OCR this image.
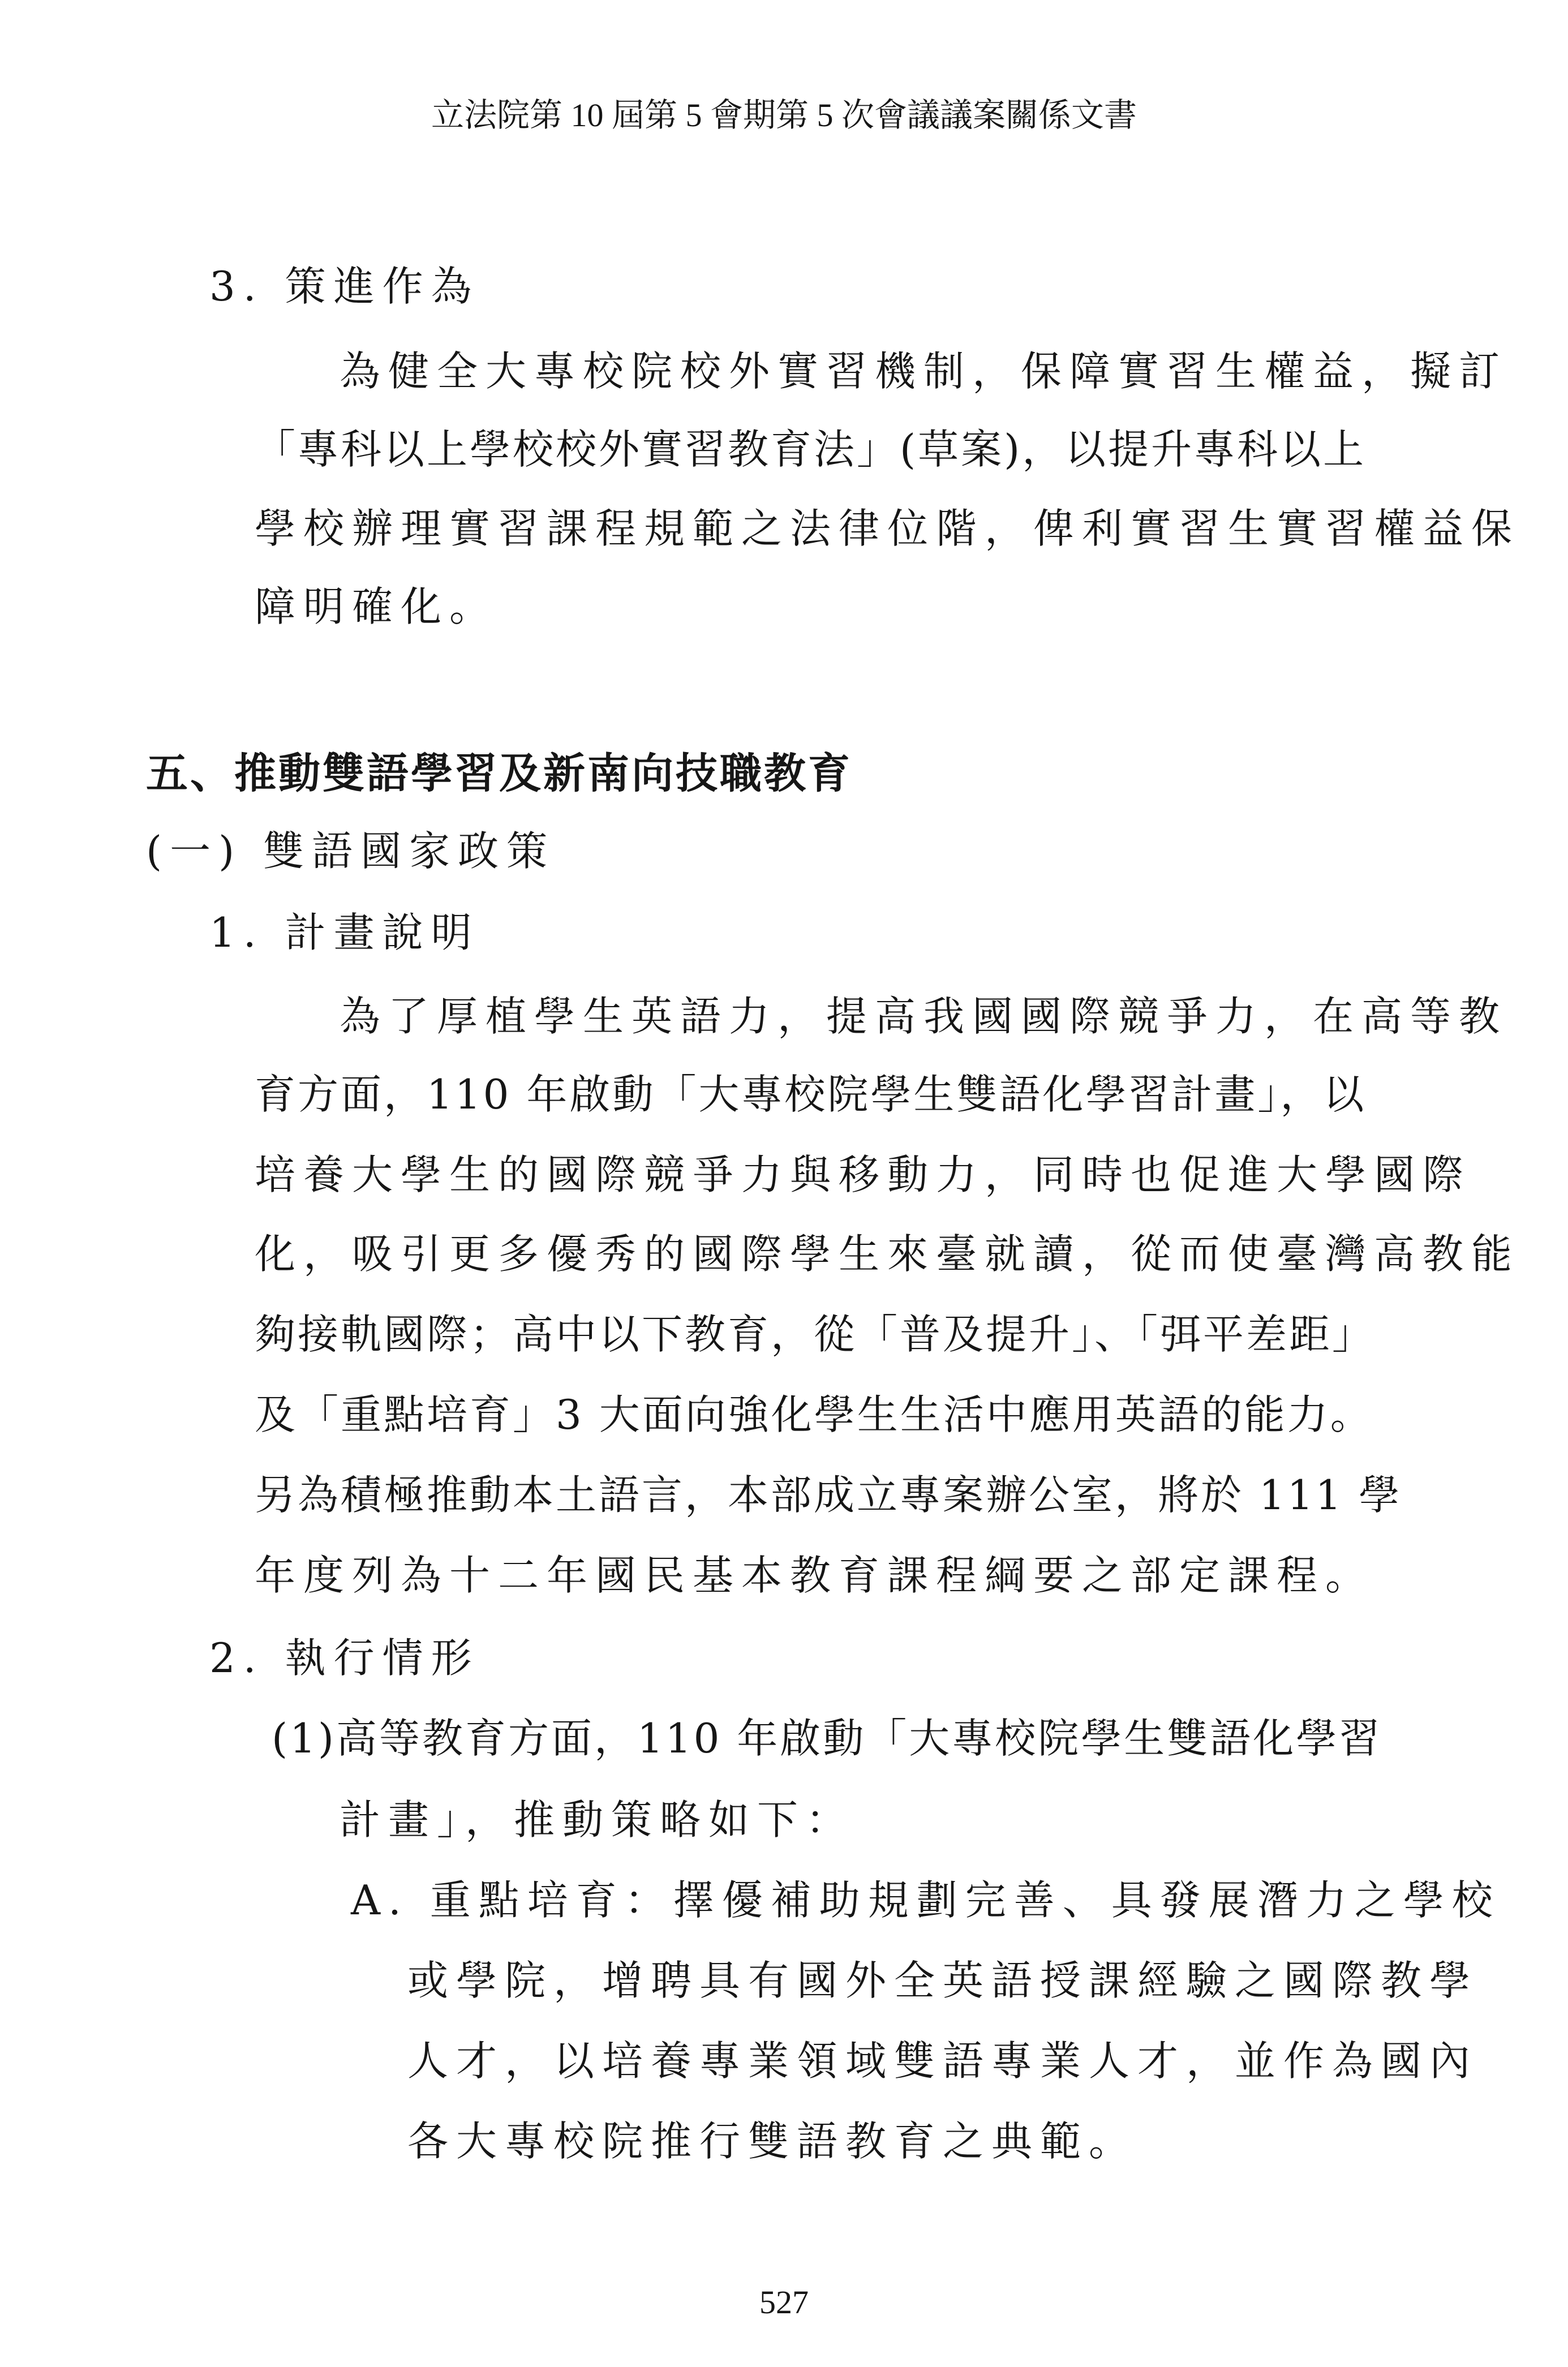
立法院第 10 屆第 5 會期第 5 次會議議案關係文書
3. 策進作為
為健全大專校院校外實習機制，保障實習生權益，擬訂
「專科以上學校校外實習教育法」(草案)，以提升專科以上
學校辦理實習課程規範之法律位階，俾利實習生實習權益保
障明確化。
五、推動雙語學習及新南向技職教育
(一) 雙語國家政策
1. 計畫說明
為了厚植學生英語力，提高我國國際競爭力，在高等教
育方面，110 年啟動「大專校院學生雙語化學習計畫」，以
培養大學生的國際競爭力與移動力，同時也促進大學國際
化，吸引更多優秀的國際學生來臺就讀，從而使臺灣高教能
夠接軌國際；高中以下教育，從「普及提升」、「弭平差距」
及「重點培育」3 大面向強化學生生活中應用英語的能力。
另為積極推動本土語言，本部成立專案辦公室，將於 111 學
年度列為十二年國民基本教育課程綱要之部定課程。
2. 執行情形
(1)高等教育方面，110 年啟動「大專校院學生雙語化學習
計畫」，推動策略如下：
A. 重點培育：擇優補助規劃完善、具發展潛力之學校
或學院，增聘具有國外全英語授課經驗之國際教學
人才，以培養專業領域雙語專業人才，並作為國內
各大專校院推行雙語教育之典範。
527
